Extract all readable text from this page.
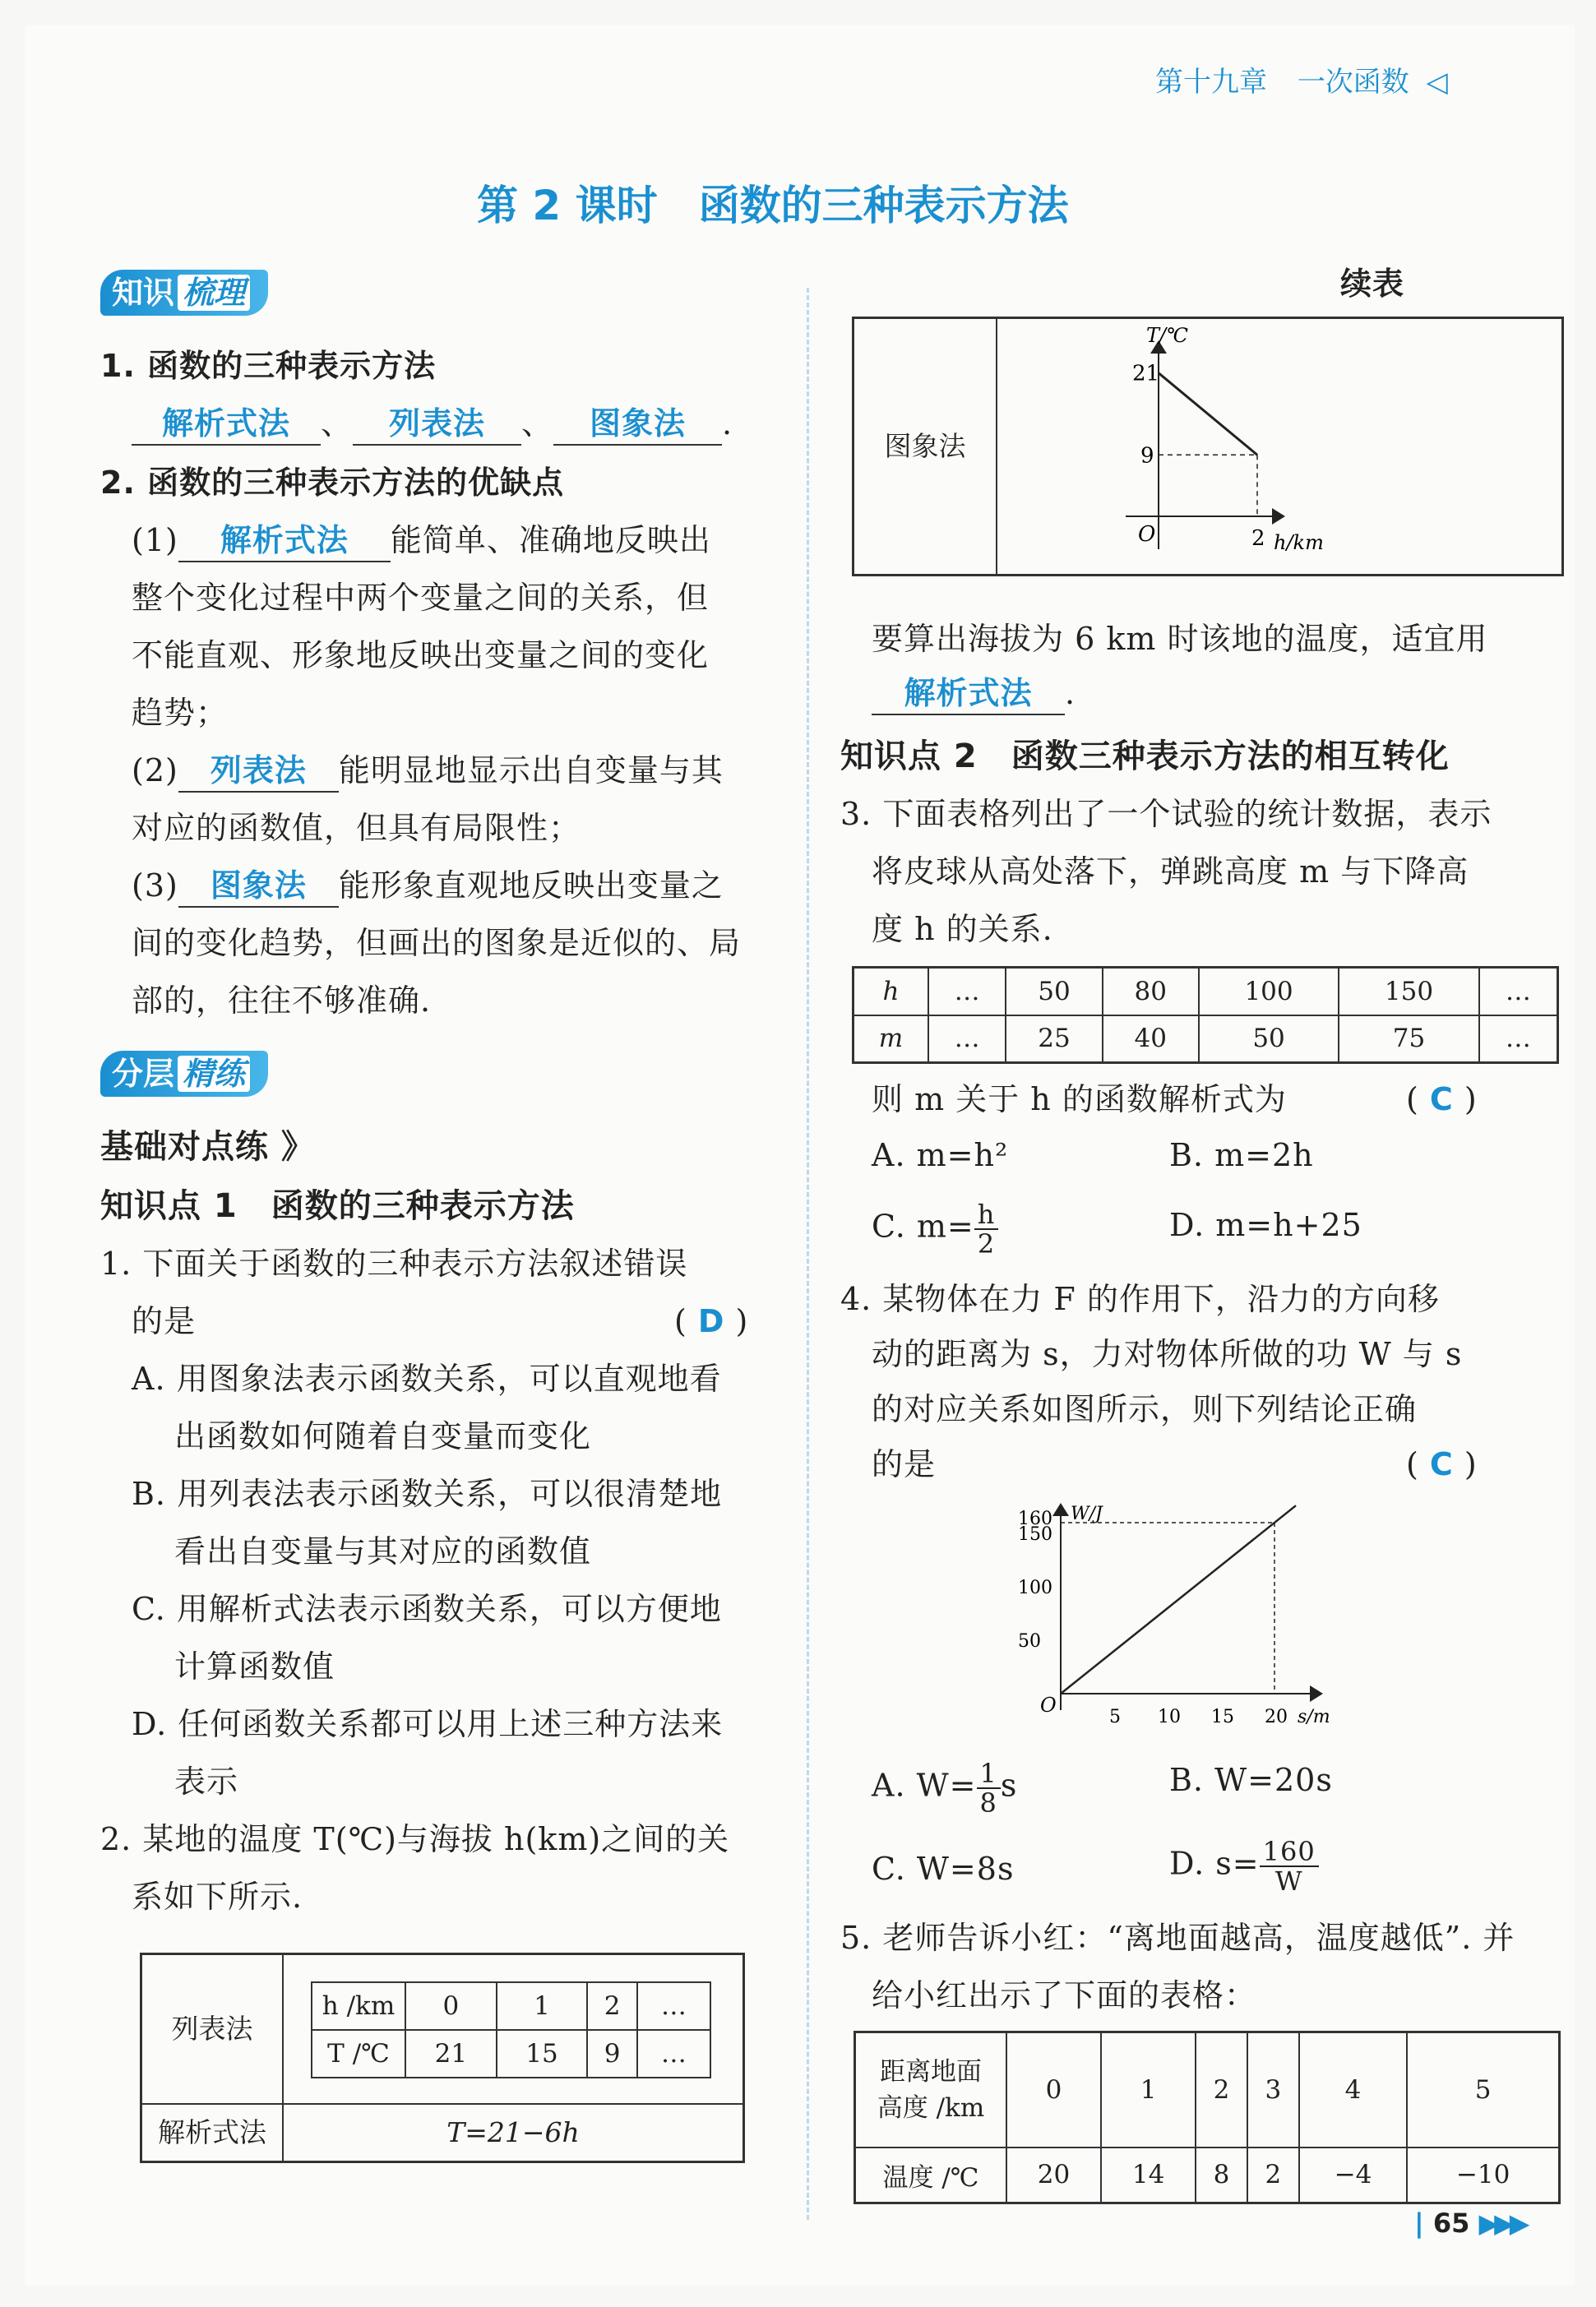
第十九章 一次函数 ◁
第 2 课时　函数的三种表示方法
知识 梳理
1. 函数的三种表示方法
解析式法 、 列表法 、 图象法 .
2. 函数的三种表示方法的优缺点
(1) 解析式法 能简单、准确地反映出
整个变化过程中两个变量之间的关系，但
不能直观、形象地反映出变量之间的变化
趋势；
(2) 列表法 能明显地显示出自变量与其
对应的函数值，但具有局限性；
(3) 图象法 能形象直观地反映出变量之
间的变化趋势，但画出的图象是近似的、局
部的，往往不够准确.
分层 精练
基础对点练 》
知识点 1　函数的三种表示方法
1. 下面关于函数的三种表示方法叙述错误
的是	( D )
A. 用图象法表示函数关系，可以直观地看
出函数如何随着自变量而变化
B. 用列表法表示函数关系，可以很清楚地
看出自变量与其对应的函数值
C. 用解析式法表示函数关系，可以方便地
计算函数值
D. 任何函数关系都可以用上述三种方法来
表示
2. 某地的温度 T(℃)与海拔 h(km)之间的关
系如下所示.
列表法
h /km	0	1	2	…
T /℃	21	15	9	…
解析式法	T=21−6h
续表
图象法
T/℃
h/km
O
21
9
2
要算出海拔为 6 km 时该地的温度，适宜用
解析式法 .
知识点 2　函数三种表示方法的相互转化
3. 下面表格列出了一个试验的统计数据，表示
将皮球从高处落下，弹跳高度 m 与下降高
度 h 的关系.
h	…	50	80	100	150	…
m	…	25	40	50	75	…
则 m 关于 h 的函数解析式为	( C )
A. m=h²	B. m=2h
C. $m= \frac{h}{2}$	D. m=h+25
4. 某物体在力 F 的作用下，沿力的方向移
动的距离为 s，力对物体所做的功 W 与 s
的对应关系如图所示，则下列结论正确
的是	( C )
W/J
s/m
O
50
100
150
160
5 10 15 20
A. $W= \frac{1}{8}$ s	B. W=20s
C. W=8s	D. $s= \frac{160}{W}$
5. 老师告诉小红：“离地面越高，温度越低”. 并
给小红出示了下面的表格：
距离地面
高度 /km	0	1	2	3	4	5
温度 /℃	20	14	8	2	−4	−10
| 65 ▶▶▶
